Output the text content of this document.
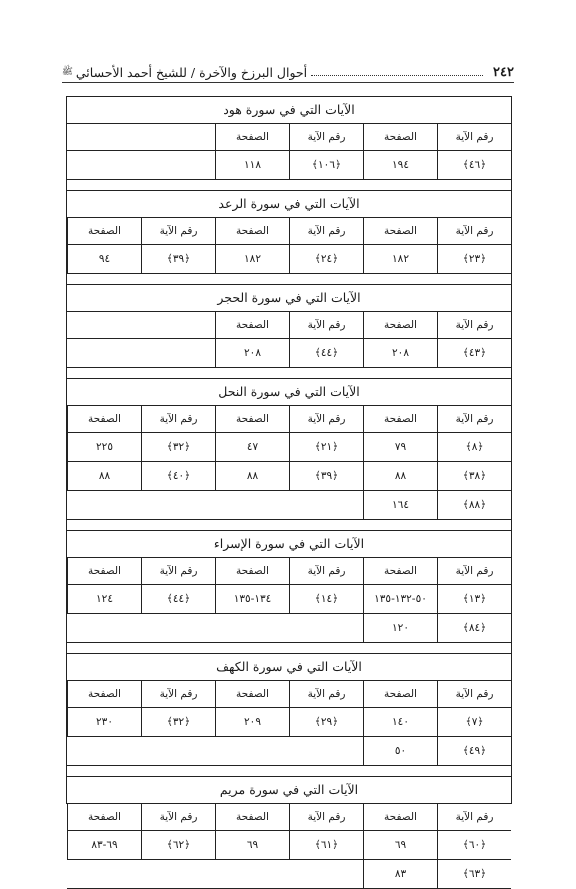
٢٤٢
أحوال البرزخ والآخرة / للشيخ أحمد الأحسائي
ﷺ
الآيات التي في سورة هود
رقم الآية
الصفحة
رقم الآية
الصفحة
﴿٤٦﴾
١٩٤
﴿١٠٦﴾
١١٨
الآيات التي في سورة الرعد
رقم الآية
الصفحة
رقم الآية
الصفحة
رقم الآية
الصفحة
﴿٢٣﴾
١٨٢
﴿٢٤﴾
١٨٢
﴿٣٩﴾
٩٤
الآيات التي في سورة الحجر
رقم الآية
الصفحة
رقم الآية
الصفحة
﴿٤٣﴾
٢٠٨
﴿٤٤﴾
٢٠٨
الآيات التي في سورة النحل
رقم الآية
الصفحة
رقم الآية
الصفحة
رقم الآية
الصفحة
﴿٨﴾
٧٩
﴿٢١﴾
٤٧
﴿٣٢﴾
٢٢٥
﴿٣٨﴾
٨٨
﴿٣٩﴾
٨٨
﴿٤٠﴾
٨٨
﴿٨٨﴾
١٦٤
الآيات التي في سورة الإسراء
رقم الآية
الصفحة
رقم الآية
الصفحة
رقم الآية
الصفحة
﴿١٣﴾
٥٠-١٣٢-١٣٥
﴿١٤﴾
١٣٤-١٣٥
﴿٤٤﴾
١٢٤
﴿٨٤﴾
١٢٠
الآيات التي في سورة الكهف
رقم الآية
الصفحة
رقم الآية
الصفحة
رقم الآية
الصفحة
﴿٧﴾
١٤٠
﴿٢٩﴾
٢٠٩
﴿٣٢﴾
٢٣٠
﴿٤٩﴾
٥٠
الآيات التي في سورة مريم
رقم الآية
الصفحة
رقم الآية
الصفحة
رقم الآية
الصفحة
﴿٦٠﴾
٦٩
﴿٦١﴾
٦٩
﴿٦٢﴾
٦٩-٨٣
﴿٦٣﴾
٨٣
